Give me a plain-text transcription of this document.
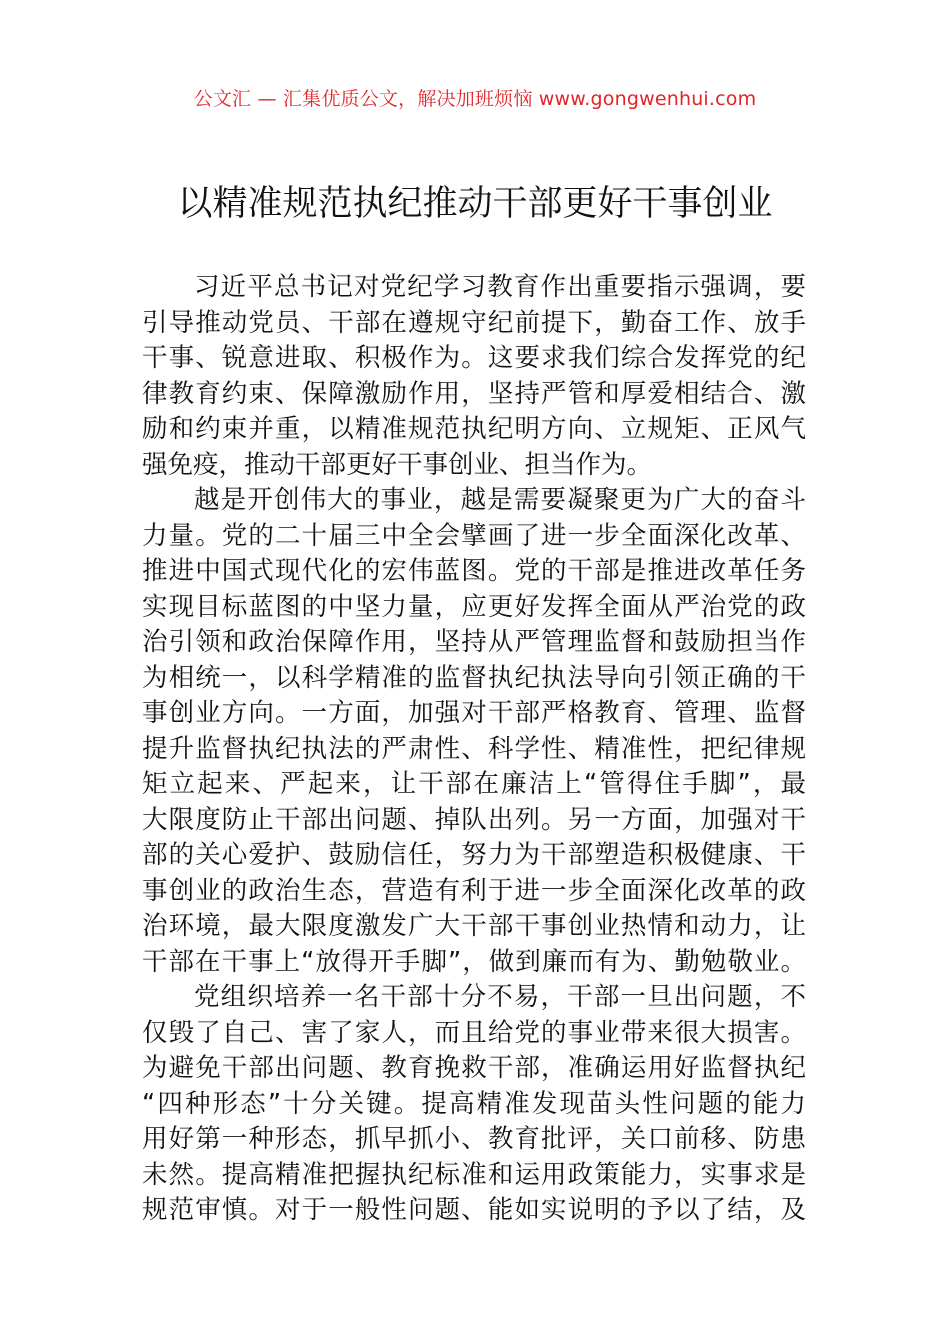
公文汇 — 汇集优质公文，解决加班烦恼 www.gongwenhui.com
以精准规范执纪推动干部更好干事创业
习近平总书记对党纪学习教育作出重要指示强调，要
引导推动党员、干部在遵规守纪前提下，勤奋工作、放手
干事、锐意进取、积极作为。这要求我们综合发挥党的纪
律教育约束、保障激励作用，坚持严管和厚爱相结合、激
励和约束并重，以精准规范执纪明方向、立规矩、正风气
强免疫，推动干部更好干事创业、担当作为。
越是开创伟大的事业，越是需要凝聚更为广大的奋斗
力量。党的二十届三中全会擘画了进一步全面深化改革、
推进中国式现代化的宏伟蓝图。党的干部是推进改革任务
实现目标蓝图的中坚力量，应更好发挥全面从严治党的政
治引领和政治保障作用，坚持从严管理监督和鼓励担当作
为相统一，以科学精准的监督执纪执法导向引领正确的干
事创业方向。一方面，加强对干部严格教育、管理、监督
提升监督执纪执法的严肃性、科学性、精准性，把纪律规
矩立起来、严起来，让干部在廉洁上“管得住手脚”，最
大限度防止干部出问题、掉队出列。另一方面，加强对干
部的关心爱护、鼓励信任，努力为干部塑造积极健康、干
事创业的政治生态，营造有利于进一步全面深化改革的政
治环境，最大限度激发广大干部干事创业热情和动力，让
干部在干事上“放得开手脚”，做到廉而有为、勤勉敬业。
党组织培养一名干部十分不易，干部一旦出问题，不
仅毁了自己、害了家人，而且给党的事业带来很大损害。
为避免干部出问题、教育挽救干部，准确运用好监督执纪
“四种形态”十分关键。提高精准发现苗头性问题的能力
用好第一种形态，抓早抓小、教育批评，关口前移、防患
未然。提高精准把握执纪标准和运用政策能力，实事求是
规范审慎。对于一般性问题、能如实说明的予以了结，及
